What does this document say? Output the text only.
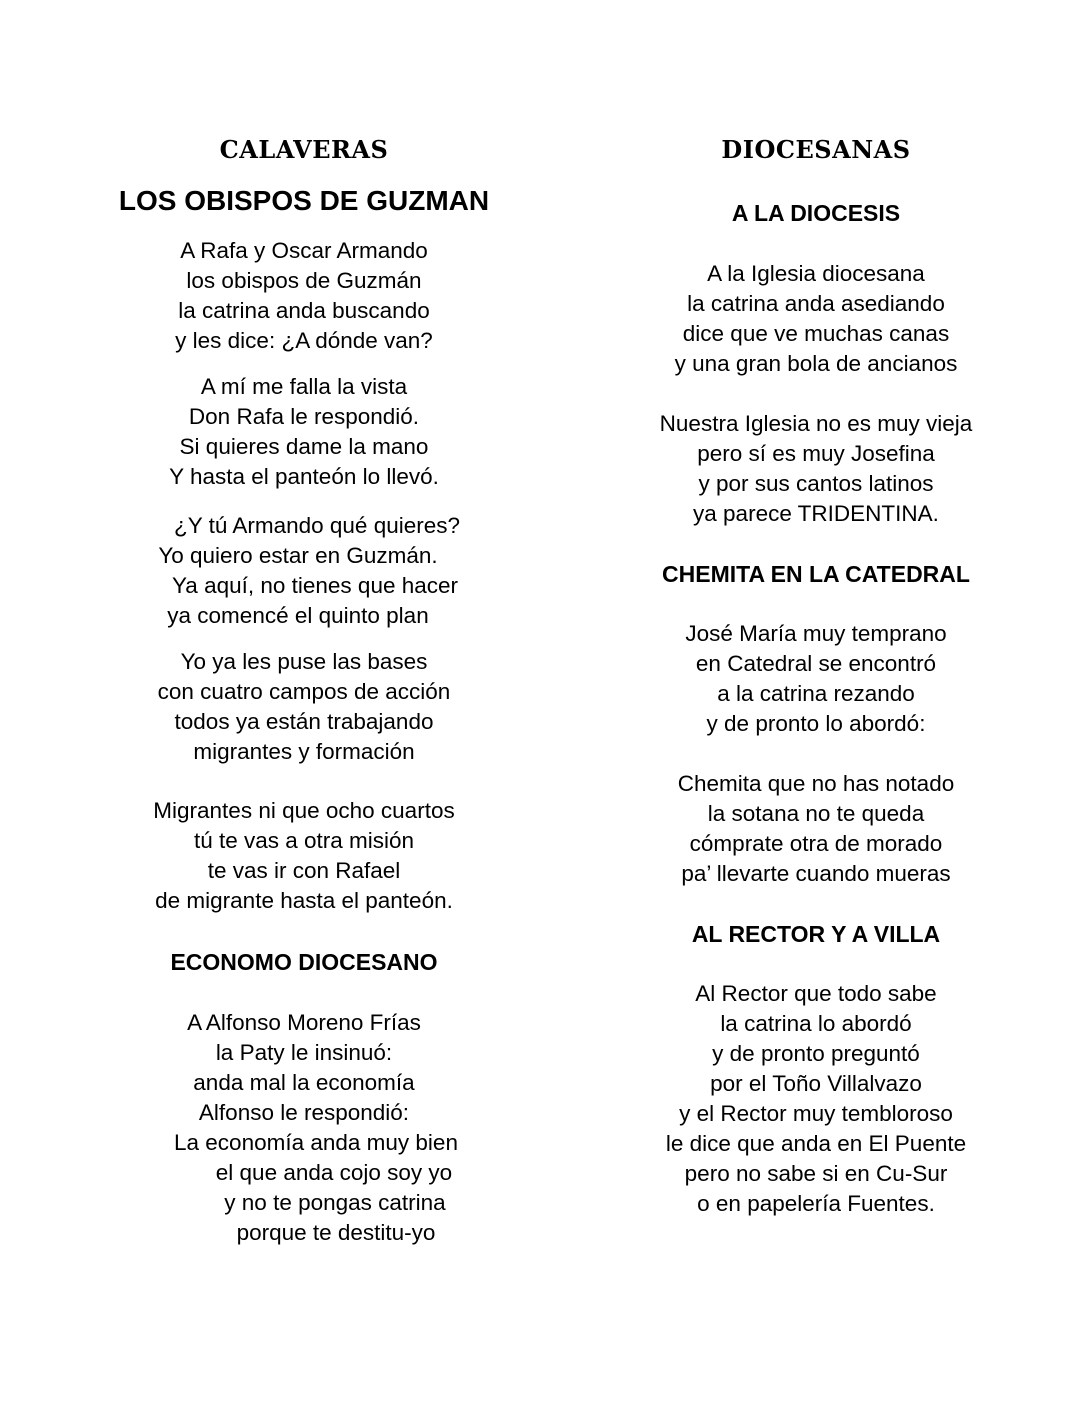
CALAVERAS
LOS OBISPOS DE GUZMAN
A Rafa y Oscar Armando
los obispos de Guzmán
la catrina anda buscando
y les dice: ¿A dónde van?
A mí me falla la vista
Don Rafa le respondió.
Si quieres dame la mano
Y hasta el panteón lo llevó.
¿Y tú Armando qué quieres?
Yo quiero estar en Guzmán.
Ya aquí, no tienes que hacer
ya comencé el quinto plan
Yo ya les puse las bases
con cuatro campos de acción
todos ya están trabajando
migrantes y formación
Migrantes ni que ocho cuartos
tú te vas a otra misión
te vas ir con Rafael
de migrante hasta el panteón.
ECONOMO DIOCESANO
A Alfonso Moreno Frías
la Paty le insinuó:
anda mal la economía
Alfonso le respondió:
La economía anda muy bien
el que anda cojo soy yo
y no te pongas catrina
porque te destitu-yo
DIOCESANAS
A LA DIOCESIS
A la Iglesia diocesana
la catrina anda asediando
dice que ve muchas canas
y una gran bola de ancianos
Nuestra Iglesia no es muy vieja
pero sí es muy Josefina
y por sus cantos latinos
ya parece TRIDENTINA.
CHEMITA EN LA CATEDRAL
José María muy temprano
en Catedral se encontró
a la catrina rezando
y de pronto lo abordó:
Chemita que no has notado
la sotana no te queda
cómprate otra de morado
pa’ llevarte cuando mueras
AL RECTOR Y A VILLA
Al Rector que todo sabe
la catrina lo abordó
y de pronto preguntó
por el Toño Villalvazo
y el Rector muy tembloroso
le dice que anda en El Puente
pero no sabe si en Cu-Sur
o en papelería Fuentes.
